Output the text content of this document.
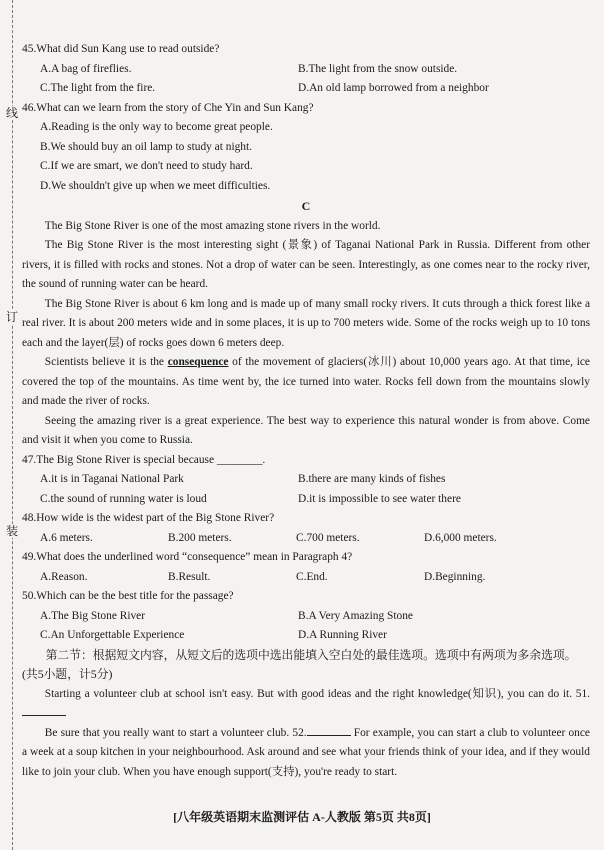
线
订
装

45.What did Sun Kang use to read outside?

A.A bag of fireflies.	B.The light from the snow outside.
C.The light from the fire.	D.An old lamp borrowed from a neighbor

46.What can we learn from the story of Che Yin and Sun Kang?

A.Reading is the only way to become great people.
B.We should buy an oil lamp to study at night.
C.If we are smart, we don't need to study hard.
D.We shouldn't give up when we meet difficulties.
C

The Big Stone River is one of the most amazing stone rivers in the world.

The Big Stone River is the most interesting sight (景象) of Taganai National Park in Russia. Different from other rivers, it is filled with rocks and stones. Not a drop of water can be seen. Interestingly, as one comes near to the rocky river, the sound of running water can be heard.

The Big Stone River is about 6 km long and is made up of many small rocky rivers. It cuts through a thick forest like a real river. It is about 200 meters wide and in some places, it is up to 700 meters wide. Some of the rocks weigh up to 10 tons each and the layer(层) of rocks goes down 6 meters deep.

Scientists believe it is the consequence of the movement of glaciers(冰川) about 10,000 years ago. At that time, ice covered the top of the mountains. As time went by, the ice turned into water. Rocks fell down from the mountains slowly and made the river of rocks.

Seeing the amazing river is a great experience. The best way to experience this natural wonder is from above. Come and visit it when you come to Russia.

47.The Big Stone River is special because ________.

A.it is in Taganai National Park	B.there are many kinds of fishes
C.the sound of running water is loud	D.it is impossible to see water there

48.How wide is the widest part of the Big Stone River?

A.6 meters.	B.200 meters.	C.700 meters.	D.6,000 meters.

49.What does the underlined word “consequence” mean in Paragraph 4?

A.Reason.	B.Result.	C.End.	D.Beginning.

50.Which can be the best title for the passage?

A.The Big Stone River	B.A Very Amazing Stone
C.An Unforgettable Experience	D.A Running River

第二节：根据短文内容，从短文后的选项中选出能填入空白处的最佳选项。选项中有两项为多余选项。(共5小题，计5分)

Starting a volunteer club at school isn't easy. But with good ideas and the right knowledge(知识), you can do it. 51.

Be sure that you really want to start a volunteer club. 52.	For example, you can start a club to volunteer once a week at a soup kitchen in your neighbourhood. Ask around and see what your friends think of your idea, and if they would like to join your club. When you have enough support(支持), you're ready to start.

[八年级英语期末监测评估 A-人教版 第5页 共8页]
